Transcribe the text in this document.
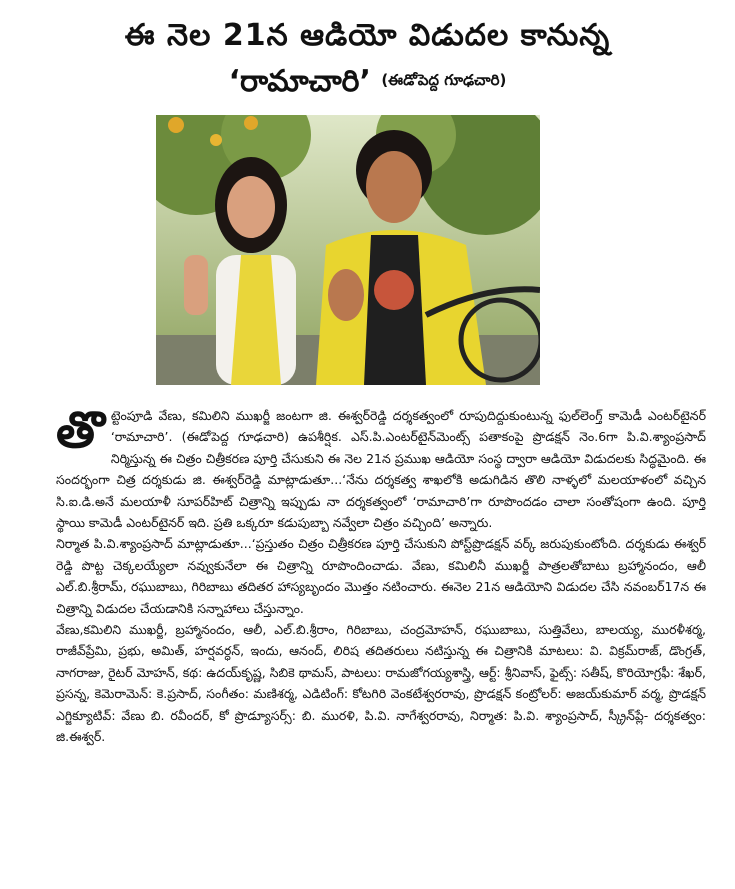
ఈ నెల 21న ఆడియో విడుదల కానున్న
‘రామాచారి’ $^{(ఈడోపెద్ద గూఢచారి)}$

తొట్టెంపూడి వేణు, కమిలిని ముఖర్జీ జంటగా జి. ఈశ్వర్‌రెడ్డి దర్శకత్వంలో రూపుదిద్దుకుంటున్న ఫుల్‌లెంగ్త్ కామెడీ ఎంటర్‌టైనర్ ‘రామాచారి’. (ఈడోపెద్ద గూఢచారి) ఉపశీర్షిక. ఎస్.పి.ఎంటర్‌టైన్‌మెంట్స్ పతాకంపై ప్రొడక్షన్ నెం.6గా పి.వి.శ్యాంప్రసాద్ నిర్మిస్తున్న ఈ చిత్రం చిత్రీకరణ పూర్తి చేసుకుని ఈ నెల 21న ప్రముఖ ఆడియో సంస్థ ద్వారా ఆడియో విడుదలకు సిద్ధమైంది. ఈ సందర్భంగా చిత్ర దర్శకుడు జి. ఈశ్వర్‌రెడ్డి మాట్లాడుతూ...‘నేను దర్శకత్వ శాఖలోకి అడుగిడిన తొలి నాళ్ళలో మలయాళంలో వచ్చిన సి.ఐ.డి.అనే మలయాళీ సూపర్‌హిట్ చిత్రాన్ని ఇప్పుడు నా దర్శకత్వంలో ‘రామాచారి’గా రూపొందడం చాలా సంతోషంగా ఉంది. పూర్తి స్థాయి కామెడీ ఎంటర్‌టైనర్ ఇది. ప్రతి ఒక్కరూ కడుపుబ్బా నవ్వేలా చిత్రం వచ్చింది’ అన్నారు.

నిర్మాత పి.వి.శ్యాంప్రసాద్ మాట్లాడుతూ...‘ప్రస్తుతం చిత్రం చిత్రీకరణ పూర్తి చేసుకుని పోస్ట్‌ప్రొడక్షన్ వర్క్ జరుపుకుంటోంది. దర్శకుడు ఈశ్వర్ రెడ్డి పొట్ట చెక్కలయ్యేలా నవ్వుకునేలా ఈ చిత్రాన్ని రూపొందించాడు. వేణు, కమిలినీ ముఖర్జీ పాత్రలతోబాటు బ్రహ్మానందం, ఆలీ ఎల్.బి.శ్రీరామ్, రఘుబాబు, గిరిబాబు తదితర హాస్యబృందం మొత్తం నటించారు. ఈనెల 21న ఆడియోని విడుదల చేసి నవంబర్17న ఈ చిత్రాన్ని విడుదల చేయడానికి సన్నాహాలు చేస్తున్నాం.

వేణు,కమిలిని ముఖర్జీ, బ్రహ్మానందం, ఆలీ, ఎల్.బి.శ్రీరాం, గిరిబాబు, చంద్రమోహన్, రఘుబాబు, సుత్తివేలు, బాలయ్య, మురళీశర్మ, రాజీవ్‌ప్రేమి, ప్రభు, అమిత్, హర్షవర్ధన్, ఇందు, ఆనంద్, లిరిష తదితరులు నటిస్తున్న ఈ చిత్రానికి మాటలు: వి. విక్రమ్‌రాజ్, డొంగ్రత్, నాగరాజు, రైటర్ మోహన్, కథ: ఉదయ్‌కృష్ణ, సిబికె థామస్, పాటలు: రామజోగయ్యశాస్త్రి, ఆర్ట్: శ్రీనివాస్, ఫైట్స్: సతీష్, కొరియోగ్రఫీ: శేఖర్, ప్రసన్న, కెమెరామెన్: కె.ప్రసాద్, సంగీతం: మణిశర్మ, ఎడిటింగ్: కోటగిరి వెంకటేశ్వరరావు, ప్రొడక్షన్ కంట్రోలర్: అజయ్‌కుమార్ వర్మ, ప్రొడక్షన్ ఎగ్జిక్యూటివ్: వేణు బి. రవీందర్, కో ప్రొడ్యూసర్స్: బి. మురళి, పి.వి. నాగేశ్వరరావు, నిర్మాత: పి.వి. శ్యాంప్రసాద్, స్క్రీన్‌ప్లే- దర్శకత్వం: జి.ఈశ్వర్.
